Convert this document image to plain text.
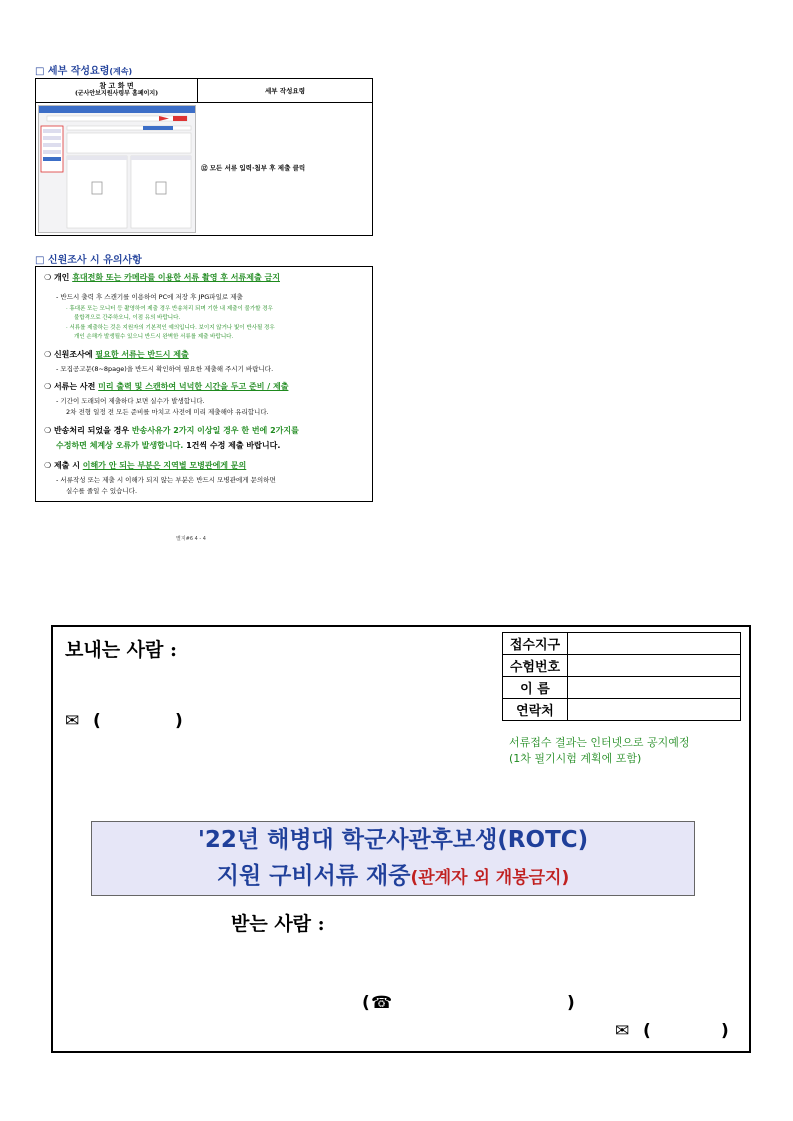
□ 세부 작성요령(계속)
참 고 화 면
(군사안보지원사령부 홈페이지)	세부 작성요령
⑫ 모든 서류 입력·첨부 후 제출 클릭
□ 신원조사 시 유의사항
❍ 개인 휴대전화 또는 카메라를 이용한 서류 촬영 후 서류제출 금지
- 반드시 출력 후 스캔기를 이용하여 PC에 저장 후 JPG파일로 제출
· 휴대폰 또는 모니터 등 촬영하여 제출 경우 반송처리 되며 기한 내 제출이 불가할 경우
불합격으로 간주하오니, 이점 유의 바랍니다.
· 서류를 제출하는 것은 지원자의 기본적인 예의입니다. 보이지 않거나 빛이 반사될 경우
개인 손해가 발생될수 있으니 반드시 완벽한 서류를 제출 바랍니다.
❍ 신원조사에 필요한 서류는 반드시 제출
- 모집공고문(8~8page)을 반드시 확인하여 필요한 제출해 주시기 바랍니다.
❍ 서류는 사전 미리 출력 및 스캔하여 넉넉한 시간을 두고 준비 / 제출
- 기간이 도래되어 제출하다 보면 실수가 발생합니다.
2차 전형 일정 전 모든 준비를 마치고 사전에 미리 제출해야 유리합니다.
❍ 반송처리 되었을 경우 반송사유가 2가지 이상일 경우 한 번에 2가지를
수정하면 체계상 오류가 발생합니다. 1건씩 수정 제출 바랍니다.
❍ 제출 시 이해가 안 되는 부분은 지역별 모병관에게 문의
- 서류작성 또는 제출 시 이해가 되지 않는 부분은 반드시 모병관에게 문의하면
실수를 줄일 수 있습니다.
별지#6 4 - 4
보내는 사람 :	접수지구	
수험번호	
이 름	
연락처	
✉ (	)
서류접수 결과는 인터넷으로 공지예정
(1차 필기시험 계획에 포함)
'22년 해병대 학군사관후보생(ROTC)
지원 구비서류 재중(관계자 외 개봉금지)
받는 사람 :
( ☎	)
✉ (	)
